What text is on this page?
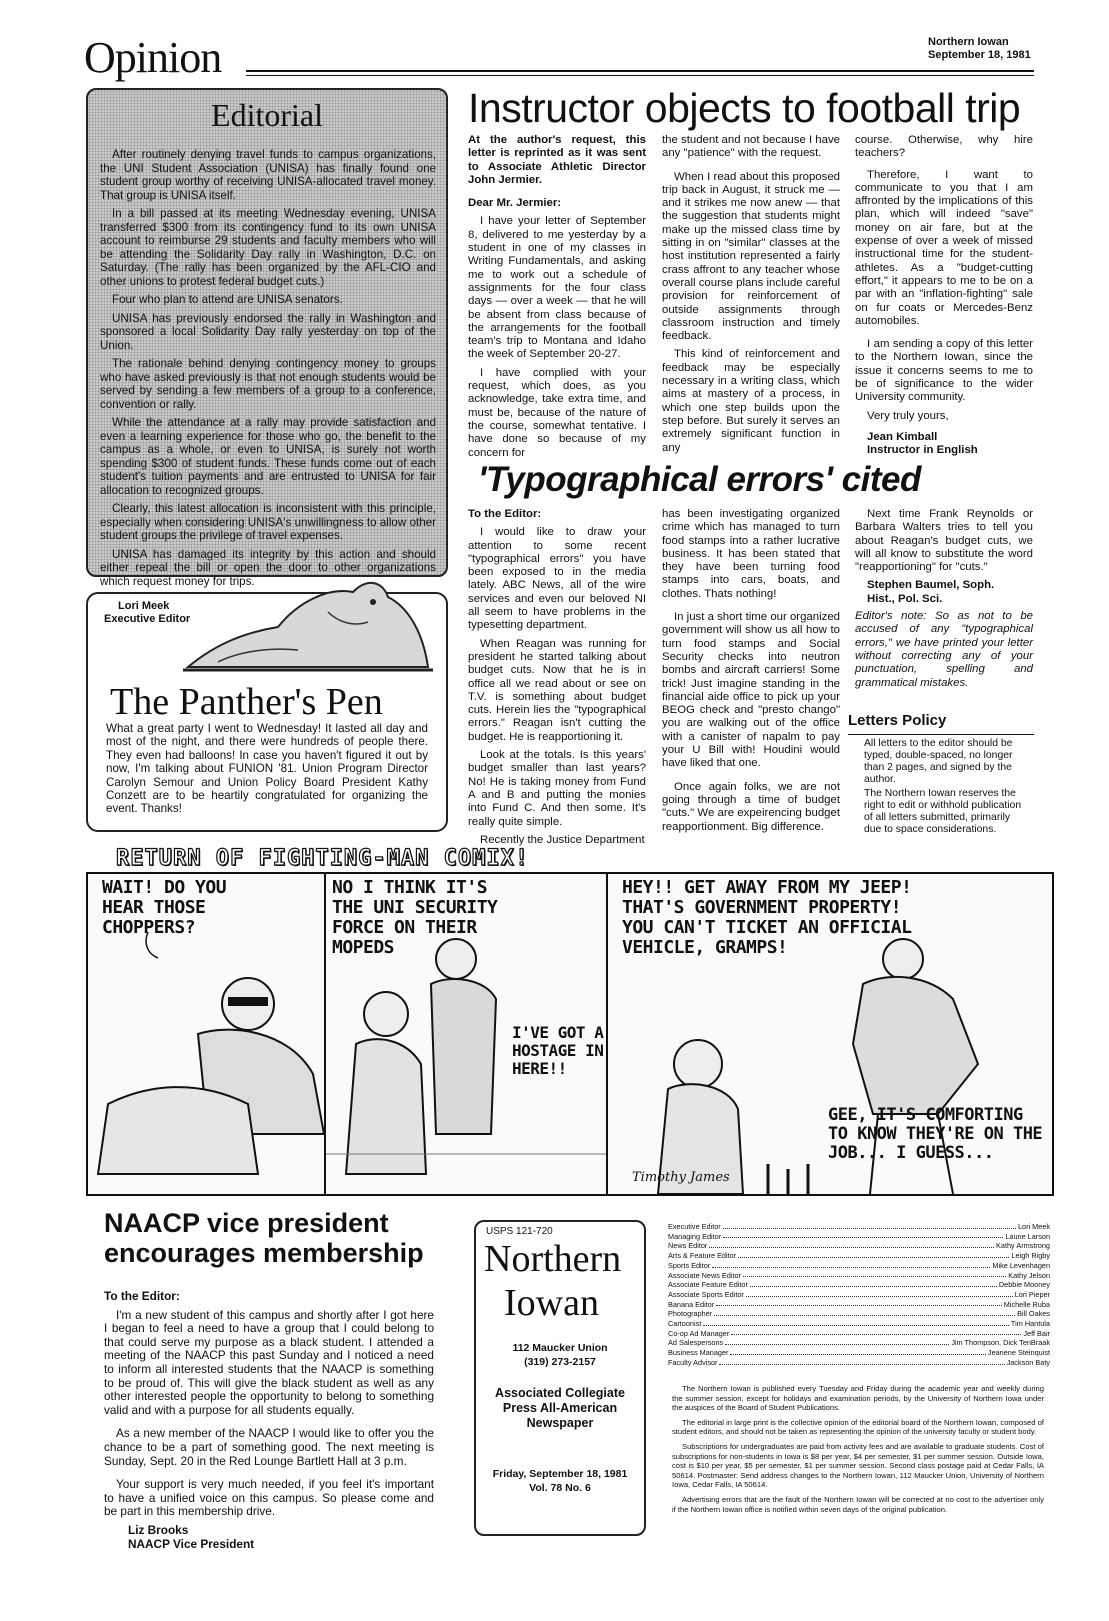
Opinion	Northern Iowan
September 18, 1981
Editorial

After routinely denying travel funds to campus organizations, the UNI Student Association (UNISA) has finally found one student group worthy of receiving UNISA-allocated travel money. That group is UNISA itself.

In a bill passed at its meeting Wednesday evening, UNISA transferred $300 from its contingency fund to its own UNISA account to reimburse 29 students and faculty members who will be attending the Solidarity Day rally in Washington, D.C. on Saturday. (The rally has been organized by the AFL-CIO and other unions to protest federal budget cuts.)

Four who plan to attend are UNISA senators.

UNISA has previously endorsed the rally in Washington and sponsored a local Solidarity Day rally yesterday on top of the Union.

The rationale behind denying contingency money to groups who have asked previously is that not enough students would be served by sending a few members of a group to a conference, convention or rally.

While the attendance at a rally may provide satisfaction and even a learning experience for those who go, the benefit to the campus as a whole, or even to UNISA, is surely not worth spending $300 of student funds. These funds come out of each student's tuition payments and are entrusted to UNISA for fair allocation to recognized groups.

Clearly, this latest allocation is inconsistent with this principle, especially when considering UNISA's unwillingness to allow other student groups the privilege of travel expenses.

UNISA has damaged its integrity by this action and should either repeal the bill or open the door to other organizations which request money for trips.

Lori Meek
Executive Editor
The Panther's Pen
What a great party I went to Wednesday! It lasted all day and most of the night, and there were hundreds of people there. They even had balloons! In case you haven't figured it out by now, I'm talking about FUNION '81. Union Program Director Carolyn Semour and Union Policy Board President Kathy Conzett are to be heartily congratulated for organizing the event. Thanks!
Instructor objects to football trip

At the author's request, this letter is reprinted as it was sent to Associate Athletic Director John Jermier.

Dear Mr. Jermier:

I have your letter of September 8, delivered to me yesterday by a student in one of my classes in Writing Fundamentals, and asking me to work out a schedule of assignments for the four class days — over a week — that he will be absent from class because of the arrangements for the football team's trip to Montana and Idaho the week of September 20-27.

I have complied with your request, which does, as you acknowledge, take extra time, and must be, because of the nature of the course, somewhat tentative. I have done so because of my concern for

the student and not because I have any "patience" with the request.

When I read about this proposed trip back in August, it struck me — and it strikes me now anew — that the suggestion that students might make up the missed class time by sitting in on "similar" classes at the host institution represented a fairly crass affront to any teacher whose overall course plans include careful provision for reinforcement of outside assignments through classroom instruction and timely feedback.

This kind of reinforcement and feedback may be especially necessary in a writing class, which aims at mastery of a process, in which one step builds upon the step before. But surely it serves an extremely significant function in any

course. Otherwise, why hire teachers?

Therefore, I want to communicate to you that I am affronted by the implications of this plan, which will indeed "save" money on air fare, but at the expense of over a week of missed instructional time for the student-athletes. As a "budget-cutting effort," it appears to me to be on a par with an "inflation-fighting" sale on fur coats or Mercedes-Benz automobiles.

I am sending a copy of this letter to the Northern Iowan, since the issue it concerns seems to me to be of significance to the wider University community.

Very truly yours,

Jean Kimball

Instructor in English

'Typographical errors' cited

To the Editor:

I would like to draw your attention to some recent "typographical errors" you have been exposed to in the media lately. ABC News, all of the wire services and even our beloved NI all seem to have problems in the typesetting department.

When Reagan was running for president he started talking about budget cuts. Now that he is in office all we read about or see on T.V. is something about budget cuts. Herein lies the "typographical errors." Reagan isn't cutting the budget. He is reapportioning it.

Look at the totals. Is this years' budget smaller than last years? No! He is taking money from Fund A and B and putting the monies into Fund C. And then some. It's really quite simple.

Recently the Justice Department

has been investigating organized crime which has managed to turn food stamps into a rather lucrative business. It has been stated that they have been turning food stamps into cars, boats, and clothes. Thats nothing!

In just a short time our organized government will show us all how to turn food stamps and Social Security checks into neutron bombs and aircraft carriers! Some trick! Just imagine standing in the financial aide office to pick up your BEOG check and "presto chango" you are walking out of the office with a canister of napalm to pay your U Bill with! Houdini would have liked that one.

Once again folks, we are not going through a time of budget "cuts." We are expeirencing budget reapportionment. Big difference.

Next time Frank Reynolds or Barbara Walters tries to tell you about Reagan's budget cuts, we will all know to substitute the word "reapportioning" for "cuts."

Stephen Baumel, Soph.

Hist., Pol. Sci.

Editor's note: So as not to be accused of any "typographical errors," we have printed your letter without correcting any of your punctuation, spelling and grammatical mistakes.

Letters Policy
All letters to the editor should be typed, double-spaced, no longer than 2 pages, and signed by the author.
The Northern Iowan reserves the right to edit or withhold publication of all letters submitted, primarily due to space considerations.
RETURN OF FIGHTING-MAN COMIX!
WAIT! DO YOU HEAR THOSE CHOPPERS?
NO I THINK IT'S THE UNI SECURITY FORCE ON THEIR MOPEDS
I'VE GOT A HOSTAGE IN HERE!!
HEY!! GET AWAY FROM MY JEEP! THAT'S GOVERNMENT PROPERTY! YOU CAN'T TICKET AN OFFICIAL VEHICLE, GRAMPS!
GEE, IT'S COMFORTING TO KNOW THEY'RE ON THE JOB... I GUESS...
Timothy James
NAACP vice president encourages membership

To the Editor:

I'm a new student of this campus and shortly after I got here I began to feel a need to have a group that I could belong to that could serve my purpose as a black student. I attended a meeting of the NAACP this past Sunday and I noticed a need to inform all interested students that the NAACP is something to be proud of. This will give the black student as well as any other interested people the opportunity to belong to something valid and with a purpose for all students equally.

As a new member of the NAACP I would like to offer you the chance to be a part of something good. The next meeting is Sunday, Sept. 20 in the Red Lounge Bartlett Hall at 3 p.m.

Your support is very much needed, if you feel it's important to have a unified voice on this campus. So please come and be part in this membership drive.

Liz Brooks

NAACP Vice President

USPS 121-720
Northern
Iowan
112 Maucker Union
(319) 273-2157
Associated Collegiate Press All-American Newspaper
Friday, September 18, 1981
Vol. 78 No. 6
Executive Editor	Lori Meek
Managing Editor	Laurie Larson
News Editor	Kathy Armstrong
Arts & Feature Editor	Leigh Rigby
Sports Editor	Mike Levenhagen
Associate News Editor	Kathy Jelson
Associate Feature Editor	Debbie Mooney
Associate Sports Editor	Lori Pieper
Banana Editor	Michelle Ruba
Photographer	Bill Oakes
Cartoonist	Tim Hantula
Co-op Ad Manager	Jeff Bair
Ad Salespersons	Jim Thompson, Dick TenBraak
Business Manager	Jeanene Steinquist
Faculty Advisor	Jackson Baty

The Northern Iowan is published every Tuesday and Friday during the academic year and weekly during the summer session, except for holidays and examination periods, by the University of Northern Iowa under the auspices of the Board of Student Publications.

The editorial in large print is the collective opinion of the editorial board of the Northern Iowan, composed of student editors, and should not be taken as representing the opinion of the university faculty or student body.

Subscriptions for undergraduates are paid from activity fees and are available to graduate students. Cost of subscriptions for non-students in Iowa is $8 per year, $4 per semester, $1 per summer session. Outside Iowa, cost is $10 per year, $5 per semester, $1 per summer session. Second class postage paid at Cedar Falls, IA 50614. Postmaster: Send address changes to the Northern Iowan, 112 Maucker Union, University of Northern Iowa, Cedar Falls, IA 50614.

Advertising errors that are the fault of the Northern Iowan will be corrected at no cost to the advertiser only if the Northern Iowan office is notified within seven days of the original publication.
